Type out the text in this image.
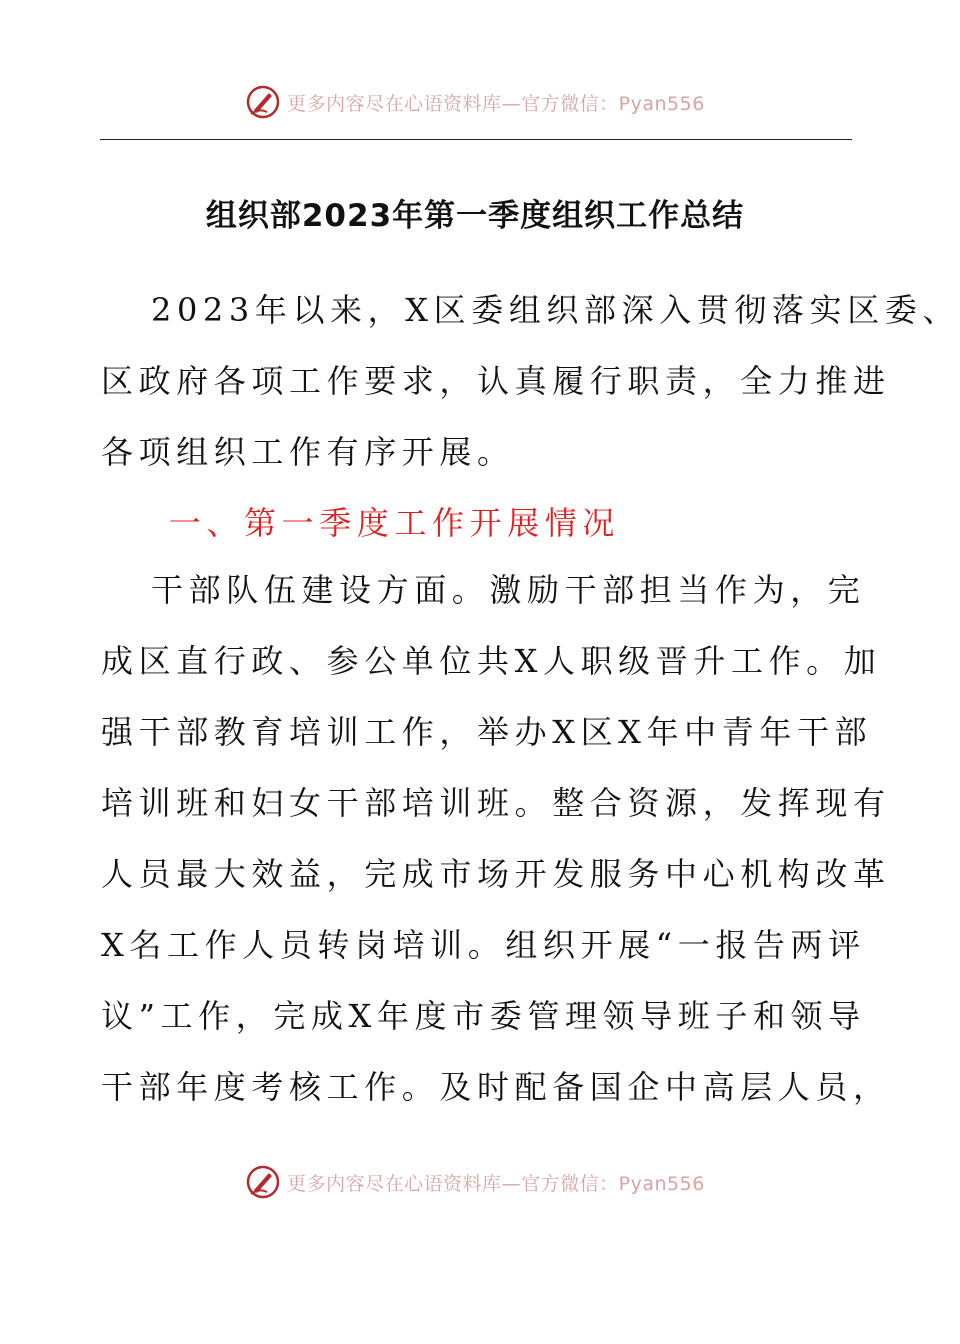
更多内容尽在心语资料库—官方微信：Pyan556
组织部2023年第一季度组织工作总结
2023年以来，X区委组织部深入贯彻落实区委、
区政府各项工作要求，认真履行职责，全力推进
各项组织工作有序开展。
一、第一季度工作开展情况
干部队伍建设方面。激励干部担当作为，完
成区直行政、参公单位共X人职级晋升工作。加
强干部教育培训工作，举办X区X年中青年干部
培训班和妇女干部培训班。整合资源，发挥现有
人员最大效益，完成市场开发服务中心机构改革
X名工作人员转岗培训。组织开展“一报告两评
议”工作，完成X年度市委管理领导班子和领导
干部年度考核工作。及时配备国企中高层人员，
更多内容尽在心语资料库—官方微信：Pyan556
